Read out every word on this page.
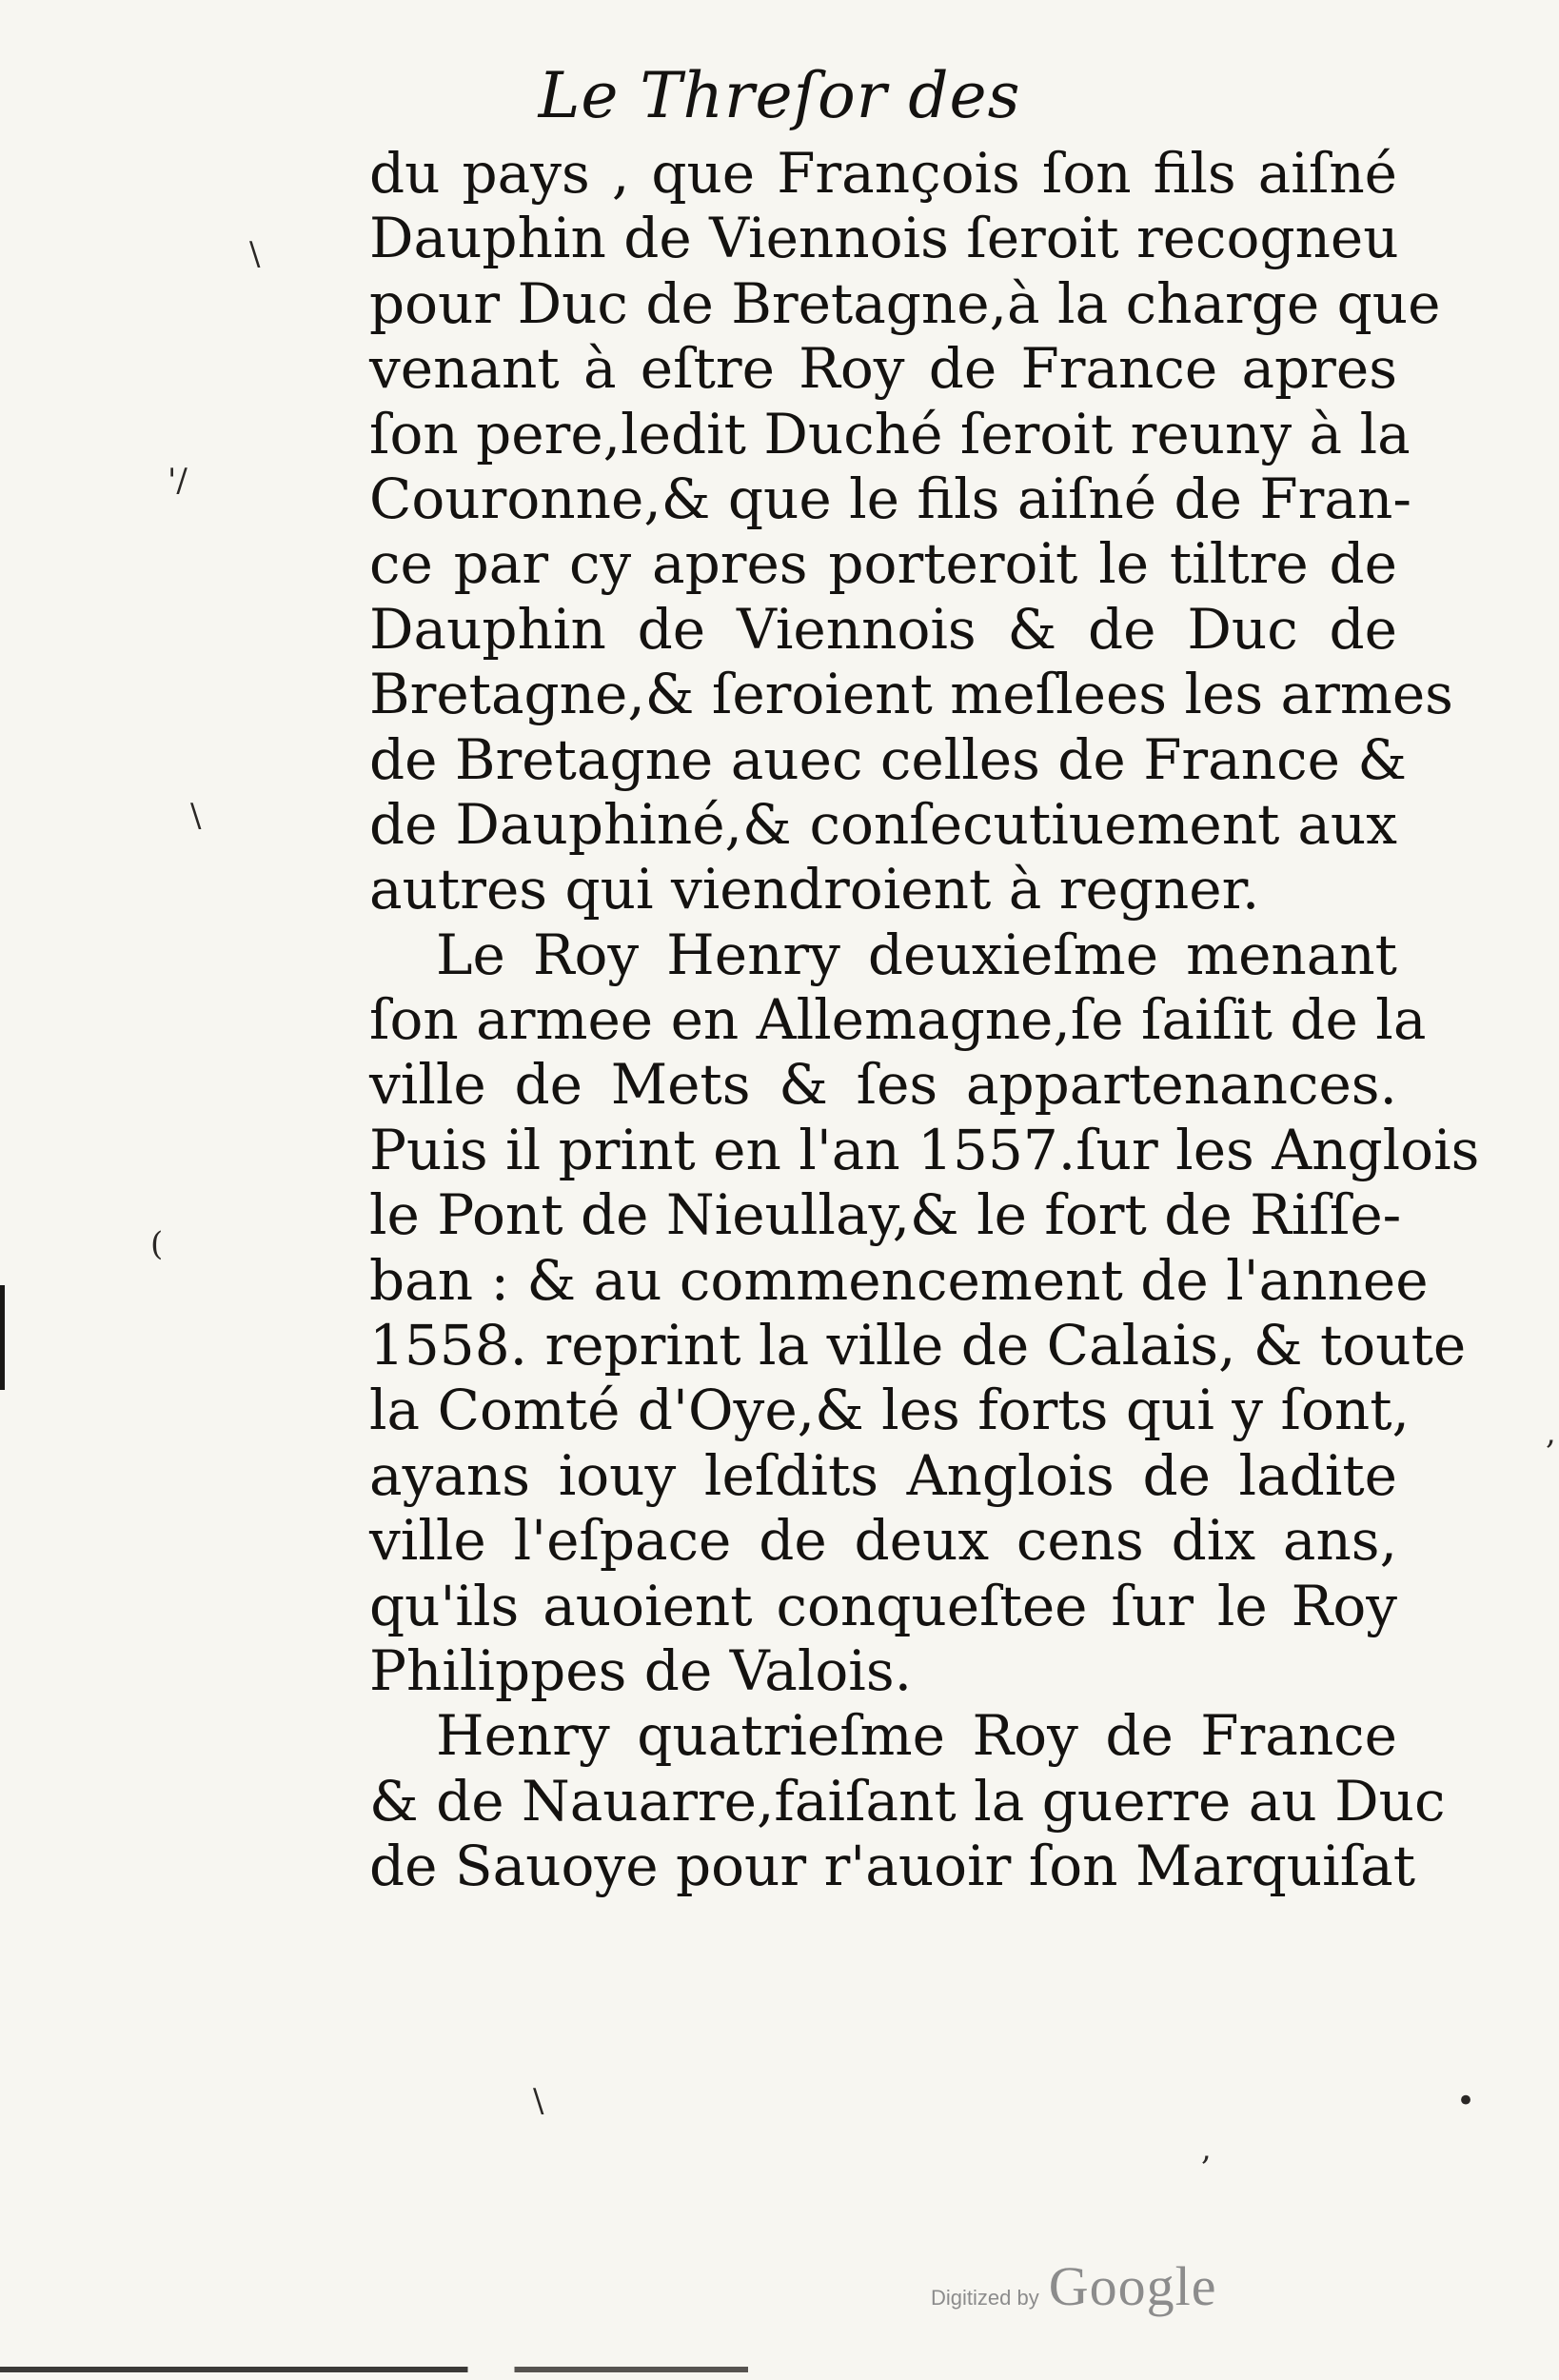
Le Threſor des
du pays , que François ſon fils aiſné
Dauphin de Viennois ſeroit recogneu
pour Duc de Bretagne,à la charge que
venant à eſtre Roy de France apres
ſon pere,ledit Duché ſeroit reuny à la
Couronne,& que le fils aiſné de Fran-
ce par cy apres porteroit le tiltre de
Dauphin de Viennois & de Duc de
Bretagne,& ſeroient meſlees les armes
de Bretagne auec celles de France &
de Dauphiné,& conſecutiuement aux
autres qui viendroient à regner.
Le Roy Henry deuxieſme menant
ſon armee en Allemagne,ſe ſaiſit de la
ville de Mets & ſes appartenances.
Puis il print en l'an 1557.ſur les Anglois
le Pont de Nieullay,& le fort de Riſſe-
ban : & au commencement de l'annee
1558. reprint la ville de Calais, & toute
la Comté d'Oye,& les forts qui y ſont,
ayans iouy leſdits Anglois de ladite
ville l'eſpace de deux cens dix ans,
qu'ils auoient conqueſtee ſur le Roy
Philippes de Valois.
Henry quatrieſme Roy de France
& de Nauarre,faiſant la guerre au Duc
de Sauoye pour r'auoir ſon Marquiſat
\
'/
\
(
,
•
\
,
Digitized by Google
